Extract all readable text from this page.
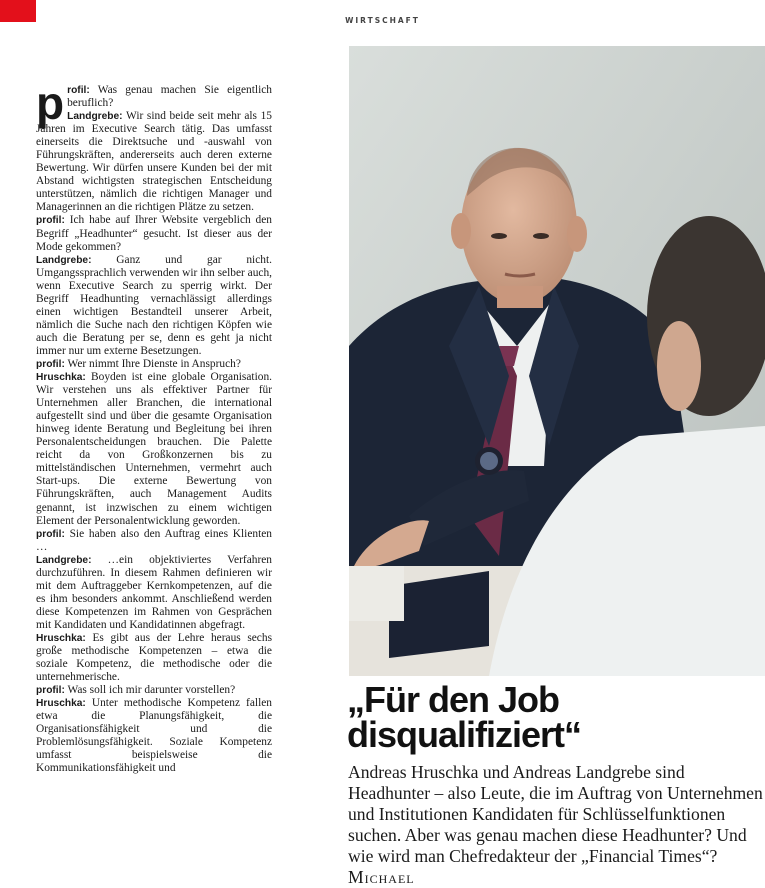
WIRTSCHAFT
p rofil: Was genau machen Sie eigentlich beruflich?

Landgrebe: Wir sind beide seit mehr als 15 Jahren im Executive Search tätig. Das umfasst einerseits die Direktsuche und -auswahl von Führungskräften, andererseits auch deren externe Bewertung. Wir dürfen unsere Kunden bei der mit Abstand wichtigsten strategischen Entscheidung unterstützen, nämlich die richtigen Manager und Managerinnen an die richtigen Plätze zu setzen.

profil: Ich habe auf Ihrer Website vergeblich den Begriff „Headhunter“ gesucht. Ist dieser aus der Mode gekommen?

Landgrebe: Ganz und gar nicht. Umgangssprachlich verwenden wir ihn selber auch, wenn Executive Search zu sperrig wirkt. Der Begriff Headhunting vernachlässigt allerdings einen wichtigen Bestandteil unserer Arbeit, nämlich die Suche nach den richtigen Köpfen wie auch die Beratung per se, denn es geht ja nicht immer nur um externe Besetzungen.

profil: Wer nimmt Ihre Dienste in Anspruch?

Hruschka: Boyden ist eine globale Organisation. Wir verstehen uns als effektiver Partner für Unternehmen aller Branchen, die international aufgestellt sind und über die gesamte Organisation hinweg idente Beratung und Begleitung bei ihren Personalentscheidungen brauchen. Die Palette reicht da von Großkonzernen bis zu mittelständischen Unternehmen, vermehrt auch Start-ups. Die externe Bewertung von Führungskräften, auch Management Audits genannt, ist inzwischen zu einem wichtigen Element der Personalentwicklung geworden.

profil: Sie haben also den Auftrag eines Klienten …

Landgrebe: …ein objektiviertes Verfahren durchzuführen. In diesem Rahmen definieren wir mit dem Auftraggeber Kernkompetenzen, auf die es ihm besonders ankommt. Anschließend werden diese Kompetenzen im Rahmen von Gesprächen mit Kandidaten und Kandidatinnen abgefragt.

Hruschka: Es gibt aus der Lehre heraus sechs große methodische Kompetenzen – etwa die soziale Kompetenz, die methodische oder die unternehmerische.

profil: Was soll ich mir darunter vorstellen?

Hruschka: Unter methodische Kompetenz fallen etwa die Planungsfähigkeit, die Organisationsfähigkeit und die Problemlösungsfähigkeit. Soziale Kompetenz umfasst beispielsweise die Kommunikationsfähigkeit und

„Für den Job disqualifiziert“
Andreas Hruschka und Andreas Landgrebe sind Headhunter – also Leute, die im Auftrag von Unternehmen und Institutionen Kandidaten für Schlüsselfunktionen suchen. Aber was genau machen diese Headhunter? Und wie wird man Chefredakteur der „Financial Times“? Michael
